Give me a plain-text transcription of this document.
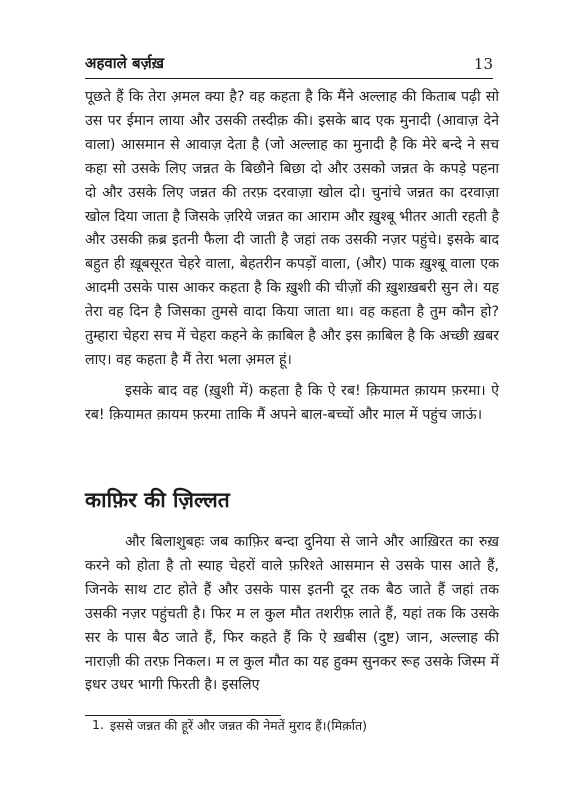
अहवाले बर्ज़ख़	13

पूछते हैं कि तेरा अ़मल क्या है? वह कहता है कि मैंने अल्लाह की किताब पढ़ी सो उस पर ईमान लाया और उसकी तस्दीक़ की। इसके बाद एक मुनादी (आवाज़ देने वाला) आसमान से आवाज़ देता है (जो अल्लाह का मुनादी है कि मेरे बन्दे ने सच कहा सो उसके लिए जन्नत के बिछौने बिछा दो और उसको जन्नत के कपड़े पहना दो और उसके लिए जन्नत की तरफ़ दरवाज़ा खोल दो। चुनांचे जन्नत का दरवाज़ा खोल दिया जाता है जिसके ज़रिये जन्नत का आराम और ख़ुश्बू भीतर आती रहती है और उसकी क़ब्र इतनी फैला दी जाती है जहां तक उसकी नज़र पहुंचे। इसके बाद बहुत ही ख़ूबसूरत चेहरे वाला, बेहतरीन कपड़ों वाला, (और) पाक ख़ुश्बू वाला एक आदमी उसके पास आकर कहता है कि ख़ुशी की चीज़ों की ख़ुशख़बरी सुन ले। यह तेरा वह दिन है जिसका तुमसे वादा किया जाता था। वह कहता है तुम कौन हो? तुम्हारा चेहरा सच में चेहरा कहने के क़ाबिल है और इस क़ाबिल है कि अच्छी ख़बर लाए। वह कहता है मैं तेरा भला अ़मल हूं।

इसके बाद वह (ख़ुशी में) कहता है कि ऐ रब! क़ियामत क़ायम फ़रमा। ऐ रब! क़ियामत क़ायम फ़रमा ताकि मैं अपने बाल-बच्चों और माल में पहुंच जाऊं।

काफ़िर की ज़िल्लत

और बिलाशुबहः जब काफ़िर बन्दा दुनिया से जाने और आख़िरत का रुख़ करने को होता है तो स्याह चेहरों वाले फ़रिश्ते आसमान से उसके पास आते हैं, जिनके साथ टाट होते हैं और उसके पास इतनी दूर तक बैठ जाते हैं जहां तक उसकी नज़र पहुंचती है। फिर म ल कुल मौत तशरीफ़ लाते हैं, यहां तक कि उसके सर के पास बैठ जाते हैं, फिर कहते हैं कि ऐ ख़बीस (दुष्ट) जान, अल्लाह की नाराज़ी की तरफ़ निकल। म ल कुल मौत का यह हुक्म सुनकर रूह उसके जिस्म में इधर उधर भागी फिरती है। इसलिए

1. इससे जन्नत की हूरें और जन्नत की नेमतें मुराद हैं।(मिर्क़ात)
